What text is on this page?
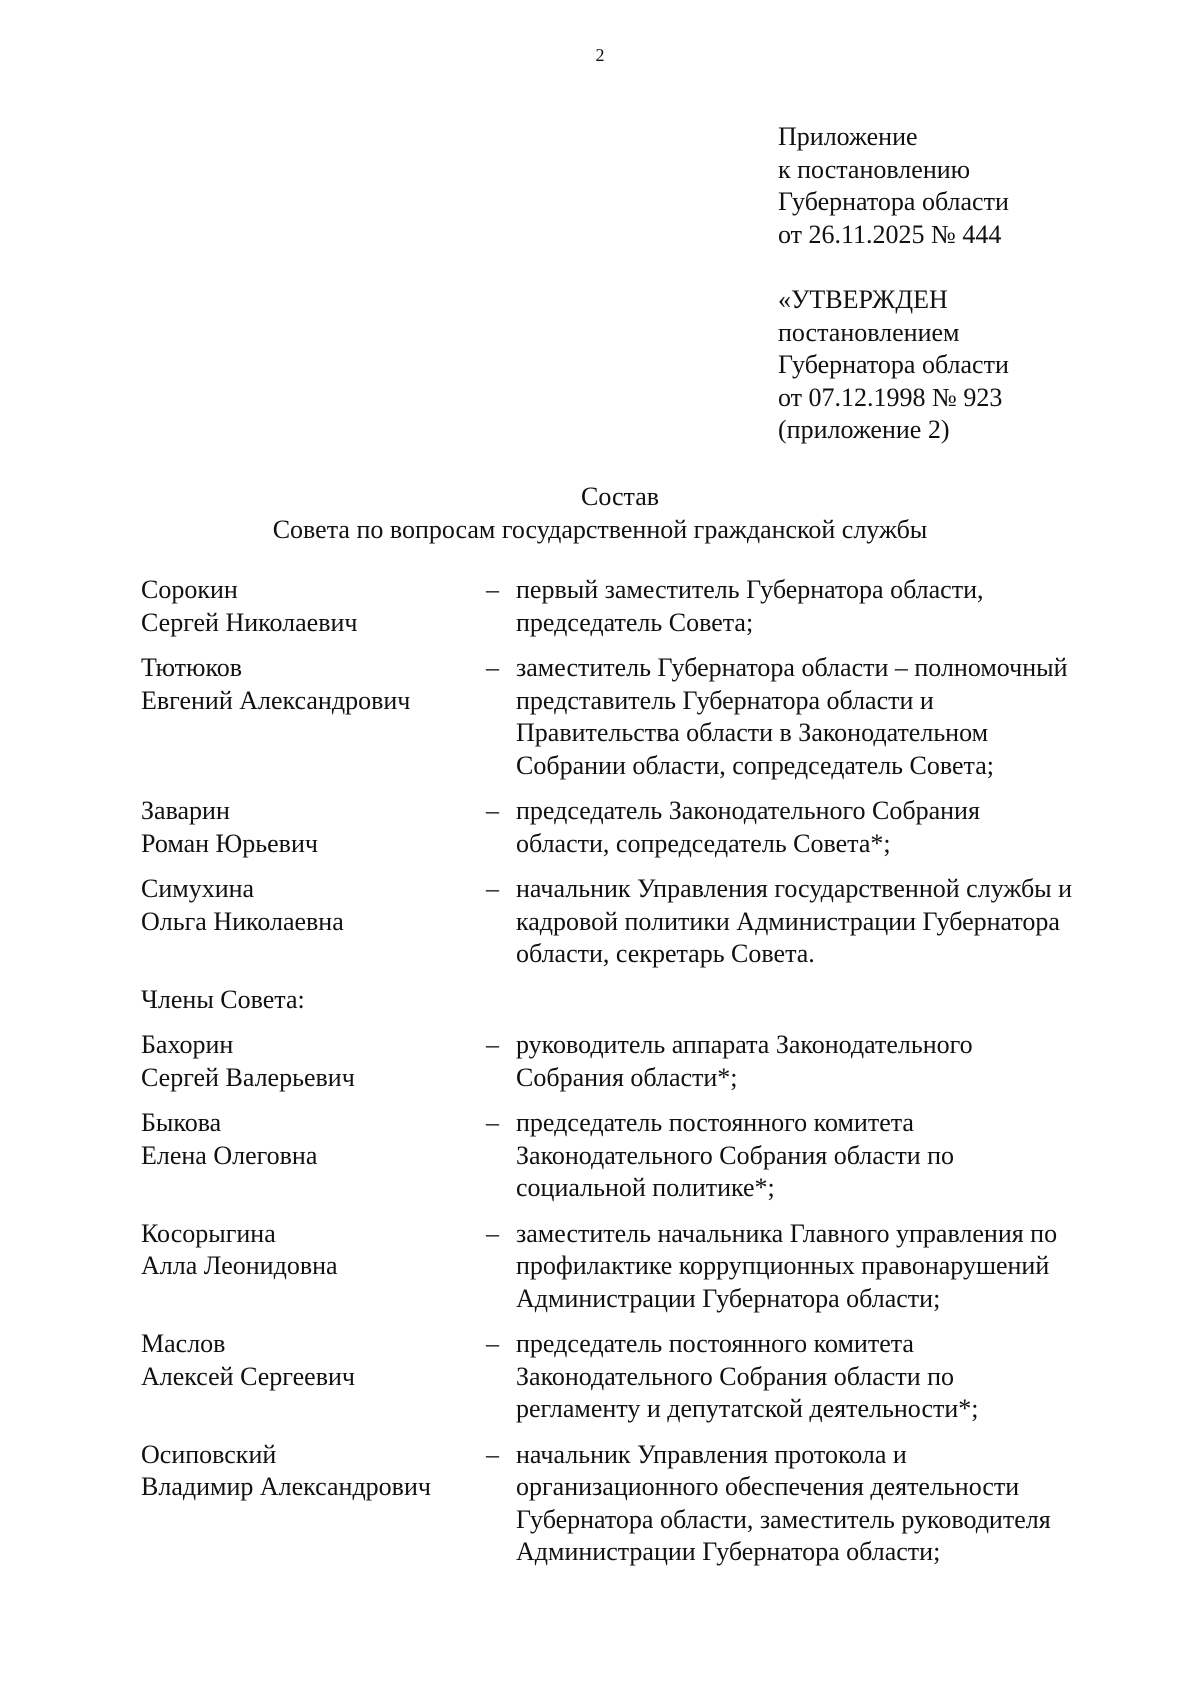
2
Приложение
к постановлению
Губернатора области
от 26.11.2025 № 444
«УТВЕРЖДЕН
постановлением
Губернатора области
от 07.12.1998 № 923
(приложение 2)
Состав
Совета по вопросам государственной гражданской службы
Сорокин
Сергей Николаевич
– первый заместитель Губернатора области,
председатель Совета;
Тютюков
Евгений Александрович
– заместитель Губернатора области – полномочный
представитель Губернатора области и
Правительства области в Законодательном
Собрании области, сопредседатель Совета;
Заварин
Роман Юрьевич
– председатель Законодательного Собрания
области, сопредседатель Совета*;
Симухина
Ольга Николаевна
– начальник Управления государственной службы и
кадровой политики Администрации Губернатора
области, секретарь Совета.
Члены Совета:
Бахорин
Сергей Валерьевич
– руководитель аппарата Законодательного
Собрания области*;
Быкова
Елена Олеговна
– председатель постоянного комитета
Законодательного Собрания области по
социальной политике*;
Косорыгина
Алла Леонидовна
– заместитель начальника Главного управления по
профилактике коррупционных правонарушений
Администрации Губернатора области;
Маслов
Алексей Сергеевич
– председатель постоянного комитета
Законодательного Собрания области по
регламенту и депутатской деятельности*;
Осиповский
Владимир Александрович
– начальник Управления протокола и
организационного обеспечения деятельности
Губернатора области, заместитель руководителя
Администрации Губернатора области;
